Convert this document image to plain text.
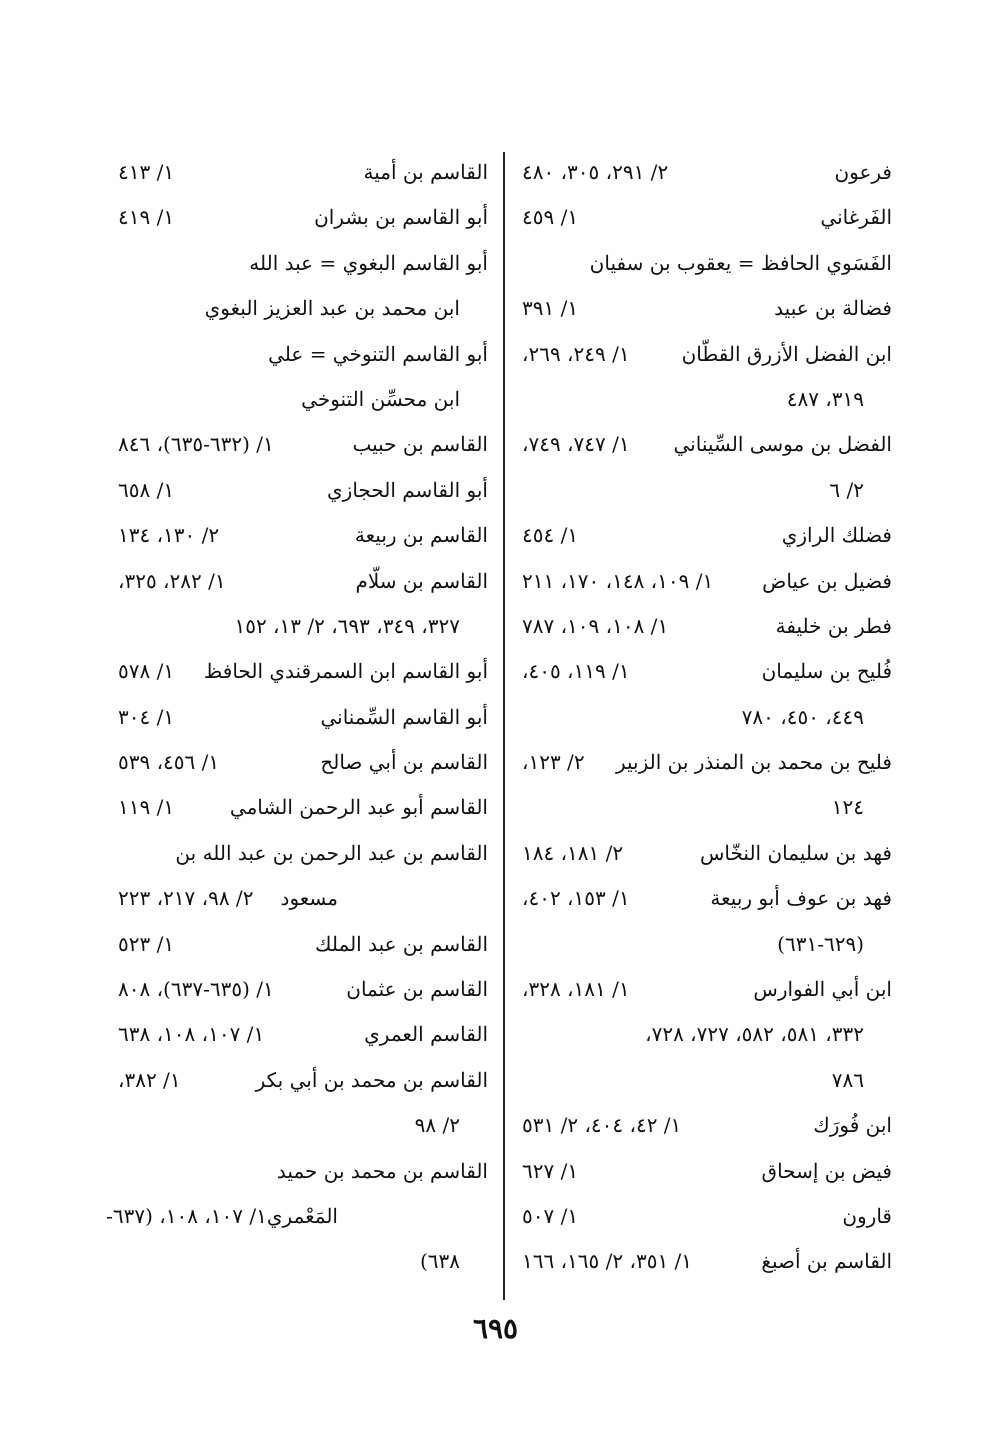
فرعون
٢/ ٢٩١، ٣٠٥، ٤٨٠
الفَرغاني
١/ ٤٥٩
الفَسَوي الحافظ = يعقوب بن سفيان
فضالة بن عبيد
١/ ٣٩١
ابن الفضل الأزرق القطّان
١/ ٢٤٩، ٢٦٩،
٣١٩، ٤٨٧
الفضل بن موسى السِّيناني
١/ ٧٤٧، ٧٤٩،
٢/ ٦
فضلك الرازي
١/ ٤٥٤
فضيل بن عياض
١/ ١٠٩، ١٤٨، ١٧٠، ٢١١
فطر بن خليفة
١/ ١٠٨، ١٠٩، ٧٨٧
فُليح بن سليمان
١/ ١١٩، ٤٠٥،
٤٤٩، ٤٥٠، ٧٨٠
فليح بن محمد بن المنذر بن الزبير
٢/ ١٢٣،
١٢٤
فهد بن سليمان النخّاس
٢/ ١٨١، ١٨٤
فهد بن عوف أبو ربيعة
١/ ١٥٣، ٤٠٢،
(٦٢٩-٦٣١)
ابن أبي الفوارس
١/ ١٨١، ٣٢٨،
٣٣٢، ٥٨١، ٥٨٢، ٧٢٧، ٧٢٨،
٧٨٦
ابن فُورَك
١/ ٤٢، ٤٠٤، ٢/ ٥٣١
فيض بن إسحاق
١/ ٦٢٧
قارون
١/ ٥٠٧
القاسم بن أصبغ
١/ ٣٥١، ٢/ ١٦٥، ١٦٦
القاسم بن أمية
١/ ٤١٣
أبو القاسم بن بشران
١/ ٤١٩
أبو القاسم البغوي = عبد الله
ابن محمد بن عبد العزيز البغوي
أبو القاسم التنوخي = علي
ابن محسِّن التنوخي
القاسم بن حبيب
١/ (٦٣٢-٦٣٥)، ٨٤٦
أبو القاسم الحجازي
١/ ٦٥٨
القاسم بن ربيعة
٢/ ١٣٠، ١٣٤
القاسم بن سلّام
١/ ٢٨٢، ٣٢٥،
٣٢٧، ٣٤٩، ٦٩٣، ٢/ ١٣، ١٥٢
أبو القاسم ابن السمرقندي الحافظ
١/ ٥٧٨
أبو القاسم السِّمناني
١/ ٣٠٤
القاسم بن أبي صالح
١/ ٤٥٦، ٥٣٩
القاسم أبو عبد الرحمن الشامي
١/ ١١٩
القاسم بن عبد الرحمن بن عبد الله بن
مسعود
٢/ ٩٨، ٢١٧، ٢٢٣
القاسم بن عبد الملك
١/ ٥٢٣
القاسم بن عثمان
١/ (٦٣٥-٦٣٧)، ٨٠٨
القاسم العمري
١/ ١٠٧، ١٠٨، ٦٣٨
القاسم بن محمد بن أبي بكر
١/ ٣٨٢،
٢/ ٩٨
القاسم بن محمد بن حميد
المَعْمري
١/ ١٠٧، ١٠٨، (٦٣٧-
٦٣٨)
٦٩٥
